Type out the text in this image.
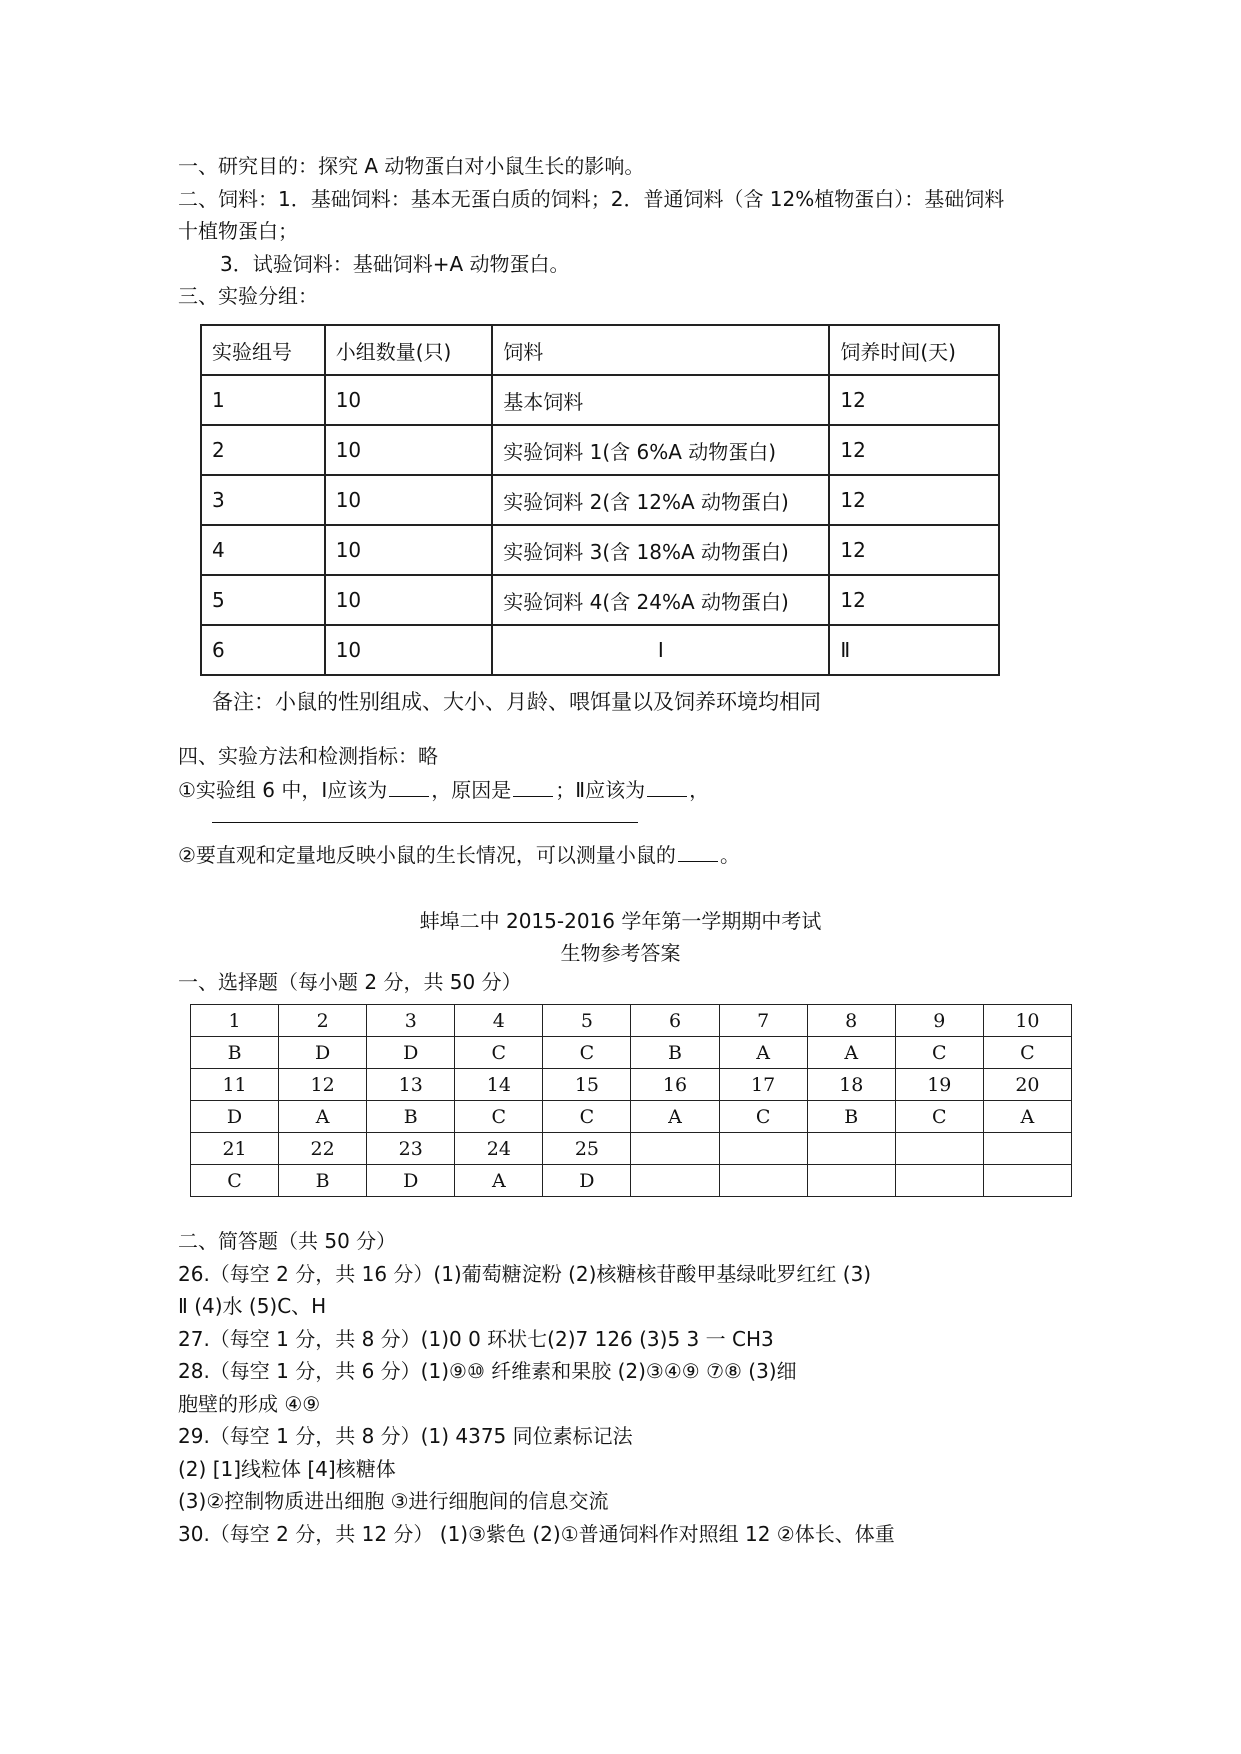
一、研究目的：探究 A 动物蛋白对小鼠生长的影响。
二、饲料：1．基础饲料：基本无蛋白质的饲料；2．普通饲料（含 12%植物蛋白）：基础饲料
十植物蛋白；
3．试验饲料：基础饲料+A 动物蛋白。
三、实验分组：
实验组号	小组数量(只)	饲料	饲养时间(天)
1	10	基本饲料	12
2	10	实验饲料 1(含 6%A 动物蛋白)	12
3	10	实验饲料 2(含 12%A 动物蛋白)	12
4	10	实验饲料 3(含 18%A 动物蛋白)	12
5	10	实验饲料 4(含 24%A 动物蛋白)	12
6	10	Ⅰ	Ⅱ
备注：小鼠的性别组成、大小、月龄、喂饵量以及饲养环境均相同
四、实验方法和检测指标：略
①实验组 6 中，Ⅰ应该为 ，原因是 ；Ⅱ应该为 ，
②要直观和定量地反映小鼠的生长情况，可以测量小鼠的 。
蚌埠二中 2015-2016 学年第一学期期中考试
生物参考答案
一、选择题（每小题 2 分，共 50 分）
1	2	3	4	5	6	7	8	9	10
B	D	D	C	C	B	A	A	C	C
11	12	13	14	15	16	17	18	19	20
D	A	B	C	C	A	C	B	C	A
21	22	23	24	25					
C	B	D	A	D					
二、简答题（共 50 分）
26.（每空 2 分，共 16 分）(1)葡萄糖淀粉 (2)核糖核苷酸甲基绿吡罗红红 (3)
Ⅱ (4)水 (5)C、H
27.（每空 1 分，共 8 分）(1)0 0 环状七(2)7 126 (3)5 3 一 CH3
28.（每空 1 分，共 6 分）(1)⑨⑩ 纤维素和果胶 (2)③④⑨ ⑦⑧ (3)细
胞壁的形成 ④⑨
29.（每空 1 分，共 8 分）(1) 4375 同位素标记法
(2) [1]线粒体 [4]核糖体
(3)②控制物质进出细胞 ③进行细胞间的信息交流
30.（每空 2 分，共 12 分） (1)③紫色 (2)①普通饲料作对照组 12 ②体长、体重
